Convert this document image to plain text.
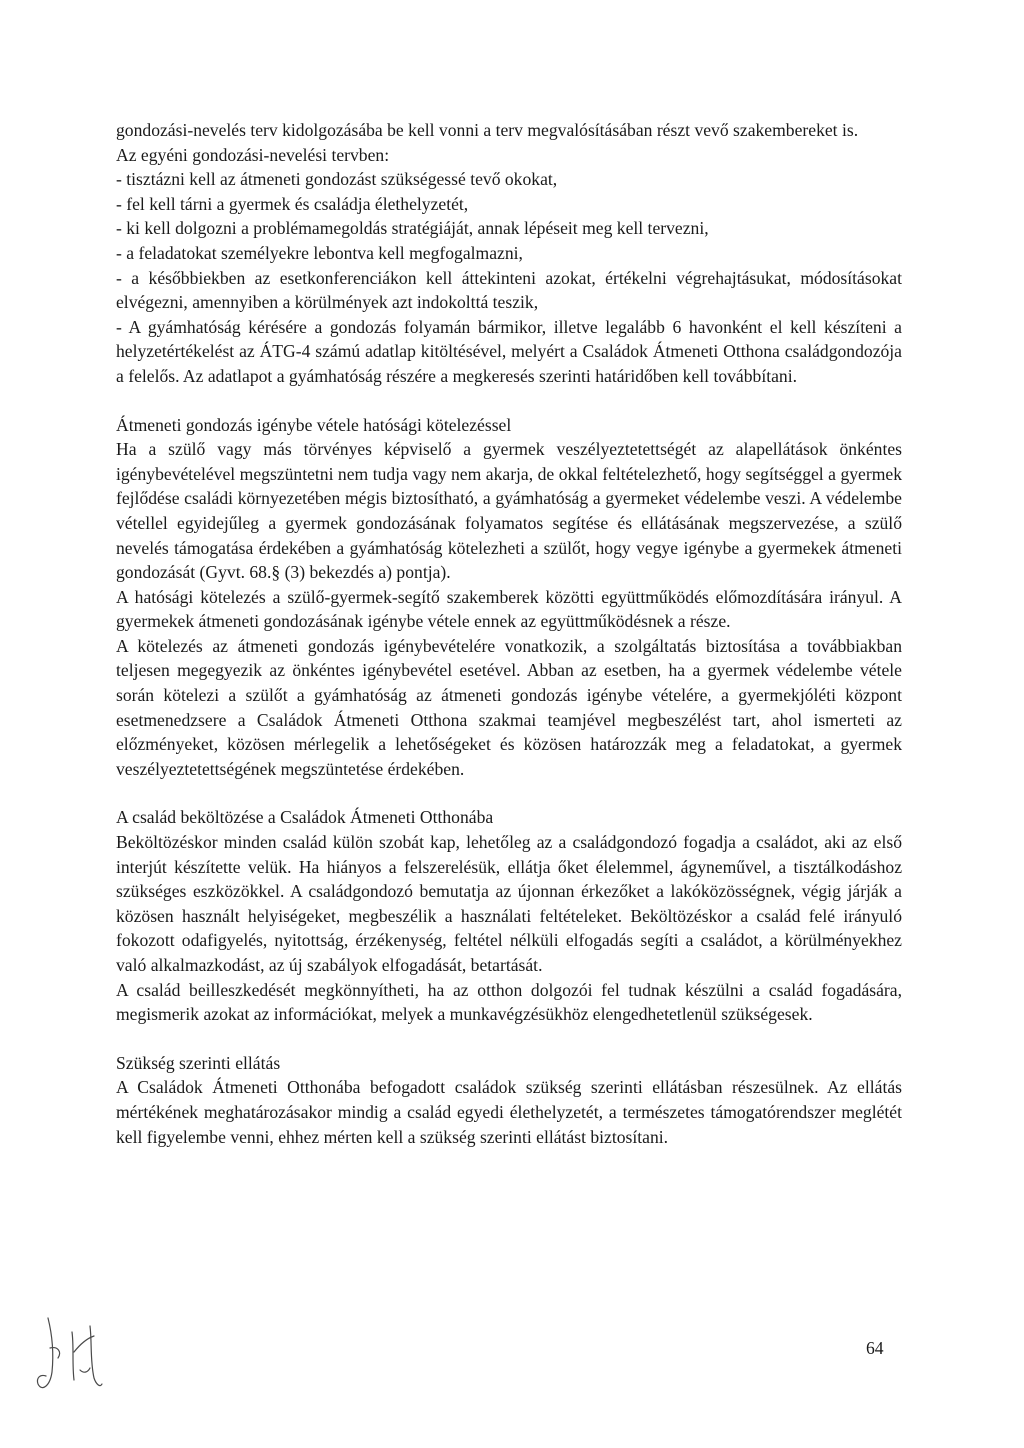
gondozási-nevelés terv kidolgozásába be kell vonni a terv megvalósításában részt vevő szakembereket is.

Az egyéni gondozási-nevelési tervben:

- tisztázni kell az átmeneti gondozást szükségessé tevő okokat,

- fel kell tárni a gyermek és családja élethelyzetét,

- ki kell dolgozni a problémamegoldás stratégiáját, annak lépéseit meg kell tervezni,

- a feladatokat személyekre lebontva kell megfogalmazni,

- a későbbiekben az esetkonferenciákon kell áttekinteni azokat, értékelni végrehajtásukat, módosításokat elvégezni, amennyiben a körülmények azt indokolttá teszik,

- A gyámhatóság kérésére a gondozás folyamán bármikor, illetve legalább 6 havonként el kell készíteni a helyzetértékelést az ÁTG-4 számú adatlap kitöltésével, melyért a Családok Átmeneti Otthona családgondozója a felelős. Az adatlapot a gyámhatóság részére a megkeresés szerinti határidőben kell továbbítani.

Átmeneti gondozás igénybe vétele hatósági kötelezéssel

Ha a szülő vagy más törvényes képviselő a gyermek veszélyeztetettségét az alapellátások önkéntes igénybevételével megszüntetni nem tudja vagy nem akarja, de okkal feltételezhető, hogy segítséggel a gyermek fejlődése családi környezetében mégis biztosítható, a gyámhatóság a gyermeket védelembe veszi. A védelembe vétellel egyidejűleg a gyermek gondozásának folyamatos segítése és ellátásának megszervezése, a szülő nevelés támogatása érdekében a gyámhatóság kötelezheti a szülőt, hogy vegye igénybe a gyermekek átmeneti gondozását (Gyvt. 68.§ (3) bekezdés a) pontja).

A hatósági kötelezés a szülő-gyermek-segítő szakemberek közötti együttműködés előmozdítására irányul. A gyermekek átmeneti gondozásának igénybe vétele ennek az együttműködésnek a része.

A kötelezés az átmeneti gondozás igénybevételére vonatkozik, a szolgáltatás biztosítása a továbbiakban teljesen megegyezik az önkéntes igénybevétel esetével. Abban az esetben, ha a gyermek védelembe vétele során kötelezi a szülőt a gyámhatóság az átmeneti gondozás igénybe vételére, a gyermekjóléti központ esetmenedzsere a Családok Átmeneti Otthona szakmai teamjével megbeszélést tart, ahol ismerteti az előzményeket, közösen mérlegelik a lehetőségeket és közösen határozzák meg a feladatokat, a gyermek veszélyeztetettségének megszüntetése érdekében.

A család beköltözése a Családok Átmeneti Otthonába

Beköltözéskor minden család külön szobát kap, lehetőleg az a családgondozó fogadja a családot, aki az első interjút készítette velük. Ha hiányos a felszerelésük, ellátja őket élelemmel, ágyneművel, a tisztálkodáshoz szükséges eszközökkel. A családgondozó bemutatja az újonnan érkezőket a lakóközösségnek, végig járják a közösen használt helyiségeket, megbeszélik a használati feltételeket. Beköltözéskor a család felé irányuló fokozott odafigyelés, nyitottság, érzékenység, feltétel nélküli elfogadás segíti a családot, a körülményekhez való alkalmazkodást, az új szabályok elfogadását, betartását.

A család beilleszkedését megkönnyítheti, ha az otthon dolgozói fel tudnak készülni a család fogadására, megismerik azokat az információkat, melyek a munkavégzésükhöz elengedhetetlenül szükségesek.

Szükség szerinti ellátás

A Családok Átmeneti Otthonába befogadott családok szükség szerinti ellátásban részesülnek. Az ellátás mértékének meghatározásakor mindig a család egyedi élethelyzetét, a természetes támogatórendszer meglétét kell figyelembe venni, ehhez mérten kell a szükség szerinti ellátást biztosítani.

64
